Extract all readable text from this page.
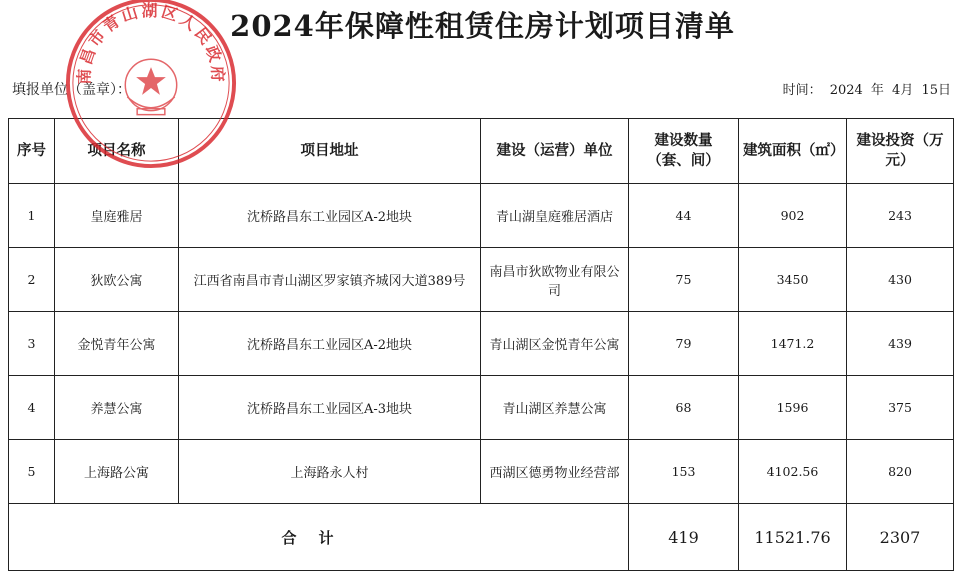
2024年保障性租赁住房计划项目清单
填报单位（盖章）：	时间： 2024 年 4月 15日
序号	项目名称	项目地址	建设（运营）单位	建设数量（套、间）	建筑面积（㎡）	建设投资（万元）
1	皇庭雅居	沈桥路昌东工业园区A-2地块	青山湖皇庭雅居酒店	44	902	243
2	狄欧公寓	江西省南昌市青山湖区罗家镇齐城冈大道389号	南昌市狄欧物业有限公司	75	3450	430
3	金悦青年公寓	沈桥路昌东工业园区A-2地块	青山湖区金悦青年公寓	79	1471.2	439
4	养慧公寓	沈桥路昌东工业园区A-3地块	青山湖区养慧公寓	68	1596	375
5	上海路公寓	上海路永人村	西湖区德勇物业经营部	153	4102.56	820
合计				419	11521.76	2307
南昌市青山湖区人民政府
